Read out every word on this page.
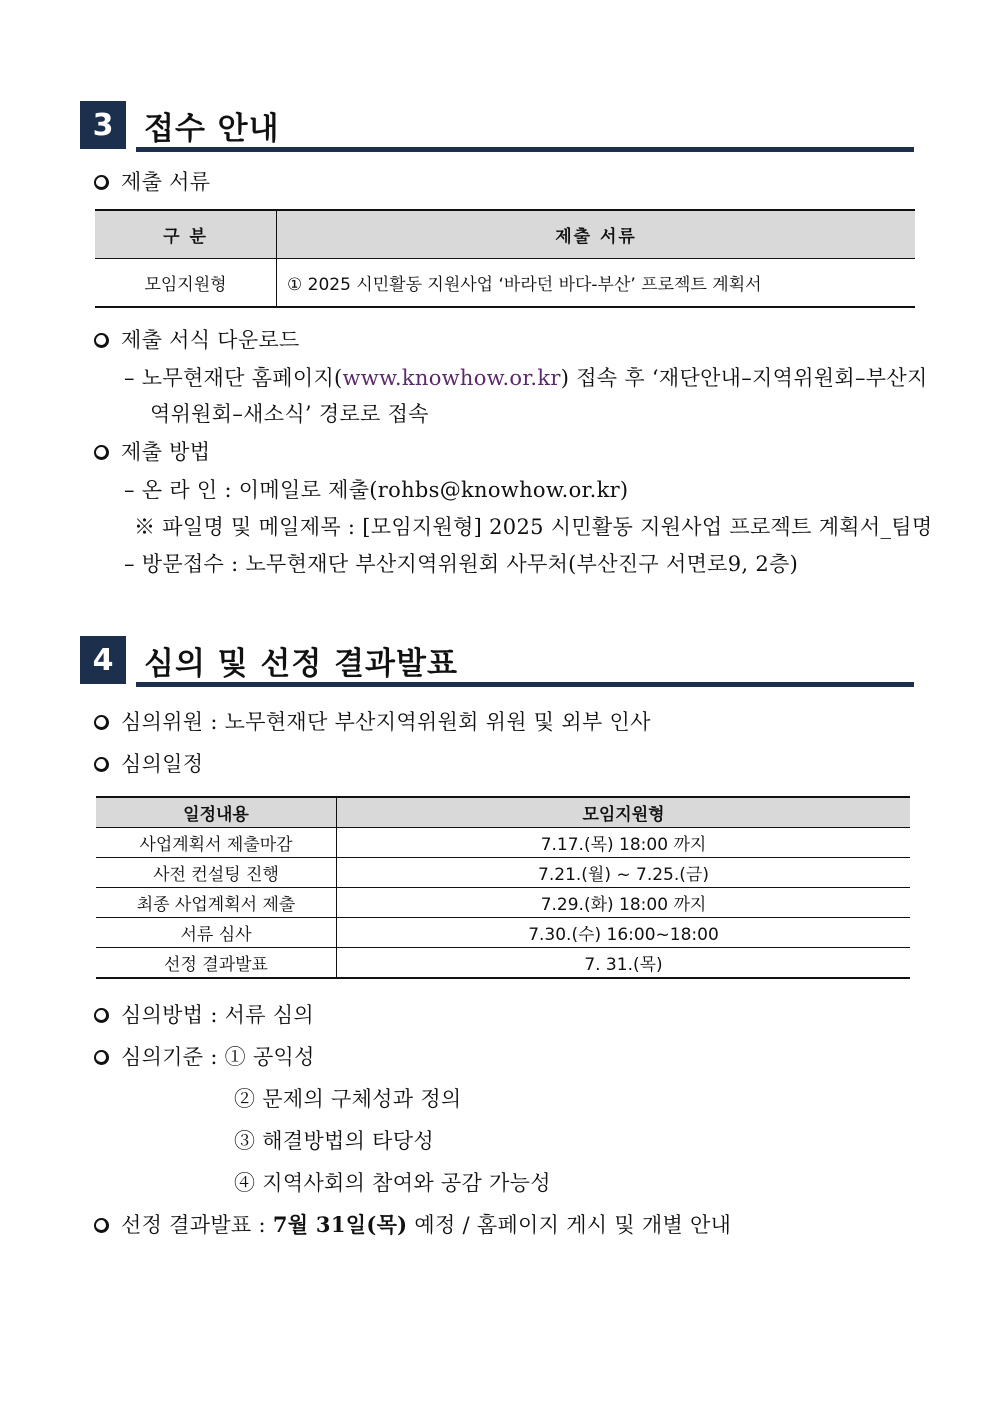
3 접수 안내
제출 서류
구 분	제출 서류
모임지원형	① 2025 시민활동 지원사업 ‘바라던 바다-부산’ 프로젝트 계획서
제출 서식 다운로드
– 노무현재단 홈페이지(www.knowhow.or.kr) 접속 후 ‘재단안내–지역위원회–부산지
역위원회–새소식’ 경로로 접속
제출 방법
– 온 라 인 : 이메일로 제출(rohbs@knowhow.or.kr)
※ 파일명 및 메일제목 : [모임지원형] 2025 시민활동 지원사업 프로젝트 계획서_팀명
– 방문접수 : 노무현재단 부산지역위원회 사무처(부산진구 서면로9, 2층)
4 심의 및 선정 결과발표
심의위원 : 노무현재단 부산지역위원회 위원 및 외부 인사
심의일정
일정내용	모임지원형
사업계획서 제출마감	7.17.(목) 18:00 까지
사전 컨설팅 진행	7.21.(월) ~ 7.25.(금)
최종 사업계획서 제출	7.29.(화) 18:00 까지
서류 심사	7.30.(수) 16:00~18:00
선정 결과발표	7. 31.(목)
심의방법 : 서류 심의
심의기준 : ① 공익성
② 문제의 구체성과 정의
③ 해결방법의 타당성
④ 지역사회의 참여와 공감 가능성
선정 결과발표 : 7월 31일(목) 예정 / 홈페이지 게시 및 개별 안내
